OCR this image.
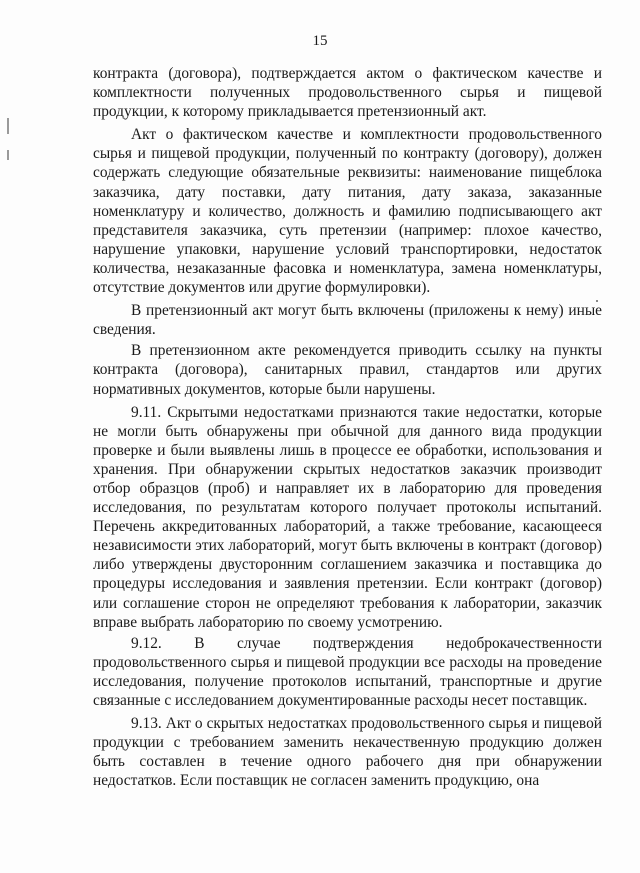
15

контракта (договора), подтверждается актом о фактическом качестве и комплектности полученных продовольственного сырья и пищевой продукции, к которому прикладывается претензионный акт.

Акт о фактическом качестве и комплектности продовольственного сырья и пищевой продукции, полученный по контракту (договору), должен содержать следующие обязательные реквизиты: наименование пищеблока заказчика, дату поставки, дату питания, дату заказа, заказанные номенклатуру и количество, должность и фамилию подписывающего акт представителя заказчика, суть претензии (например: плохое качество, нарушение упаковки, нарушение условий транспортировки, недостаток количества, незаказанные фасовка и номенклатура, замена номенклатуры, отсутствие документов или другие формулировки).

В претензионный акт могут быть включены (приложены к нему) иные сведения.

В претензионном акте рекомендуется приводить ссылку на пункты контракта (договора), санитарных правил, стандартов или других нормативных документов, которые были нарушены.

9.11. Скрытыми недостатками признаются такие недостатки, которые не могли быть обнаружены при обычной для данного вида продукции проверке и были выявлены лишь в процессе ее обработки, использования и хранения. При обнаружении скрытых недостатков заказчик производит отбор образцов (проб) и направляет их в лабораторию для проведения исследования, по результатам которого получает протоколы испытаний. Перечень аккредитованных лабораторий, а также требование, касающееся независимости этих лабораторий, могут быть включены в контракт (договор) либо утверждены двусторонним соглашением заказчика и поставщика до процедуры исследования и заявления претензии. Если контракт (договор) или соглашение сторон не определяют требования к лаборатории, заказчик вправе выбрать лабораторию по своему усмотрению.

9.12. В случае подтверждения недоброкачественности продовольственного сырья и пищевой продукции все расходы на проведение исследования, получение протоколов испытаний, транспортные и другие связанные с исследованием документированные расходы несет поставщик.

9.13. Акт о скрытых недостатках продовольственного сырья и пищевой продукции с требованием заменить некачественную продукцию должен быть составлен в течение одного рабочего дня при обнаружении недостатков. Если поставщик не согласен заменить продукцию, она
